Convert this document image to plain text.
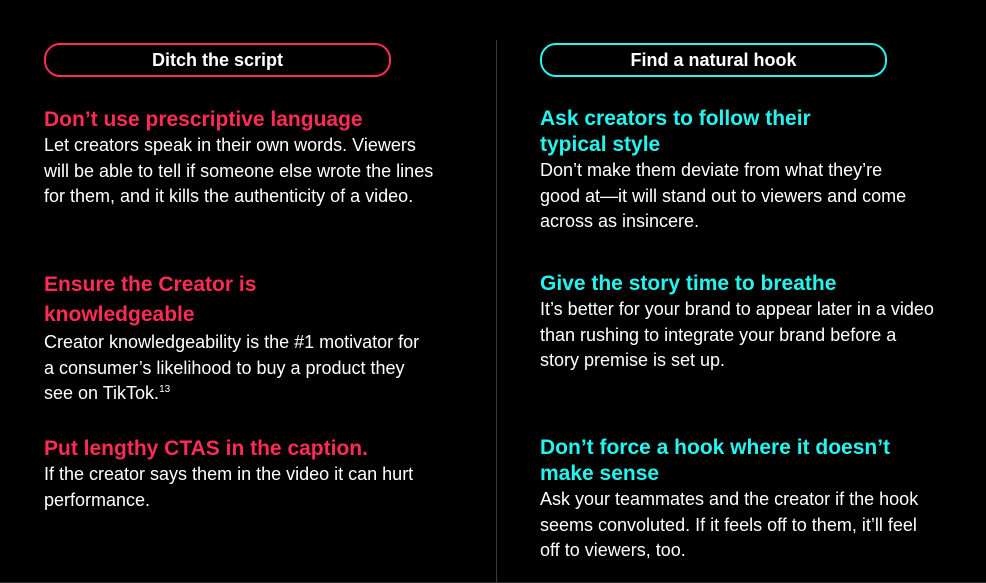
Ditch the script

Don’t use prescriptive language

Let creators speak in their own words. Viewers will be able to tell if someone else wrote the lines for them, and it kills the authenticity of a video.

Ensure the Creator is knowledgeable

Creator knowledgeability is the #1 motivator for a consumer’s likelihood to buy a product they see on TikTok.$^{13}$

Put lengthy CTAS in the caption.

If the creator says them in the video it can hurt performance.

Find a natural hook

Ask creators to follow their typical style

Don’t make them deviate from what they’re good at—it will stand out to viewers and come across as insincere.

Give the story time to breathe

It’s better for your brand to appear later in a video than rushing to integrate your brand before a story premise is set up.

Don’t force a hook where it doesn’t make sense

Ask your teammates and the creator if the hook seems convoluted. If it feels off to them, it’ll feel off to viewers, too.
